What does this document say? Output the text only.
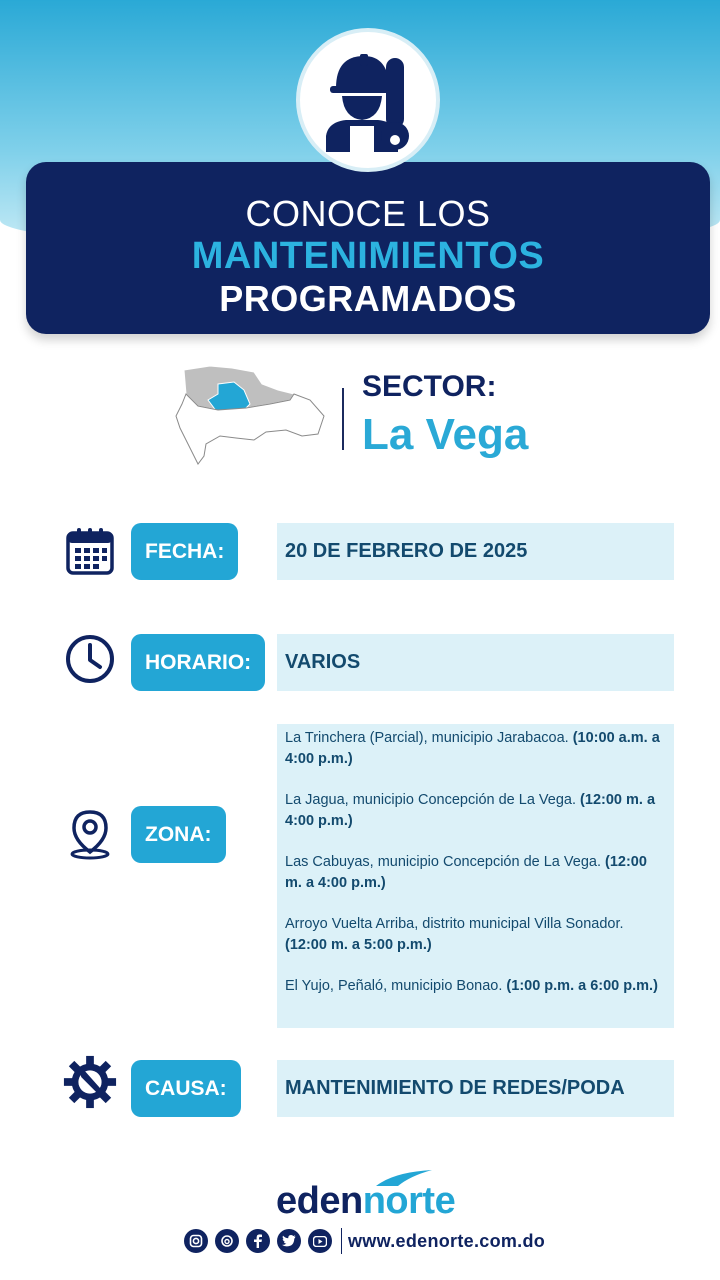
CONOCE LOS
MANTENIMIENTOS
PROGRAMADOS
SECTOR:
La Vega
FECHA:	20 DE FEBRERO DE 2025
HORARIO:	VARIOS
ZONA:
La Trinchera (Parcial), municipio Jarabacoa. (10:00 a.m. a 4:00 p.m.)
La Jagua, municipio Concepción de La Vega. (12:00 m. a 4:00 p.m.)
Las Cabuyas, municipio Concepción de La Vega. (12:00 m. a 4:00 p.m.)
Arroyo Vuelta Arriba, distrito municipal Villa Sonador. (12:00 m. a 5:00 p.m.)
El Yujo, Peñaló, municipio Bonao. (1:00 p.m. a 6:00 p.m.)
CAUSA:	MANTENIMIENTO DE REDES/PODA
edennorte
www.edenorte.com.do
